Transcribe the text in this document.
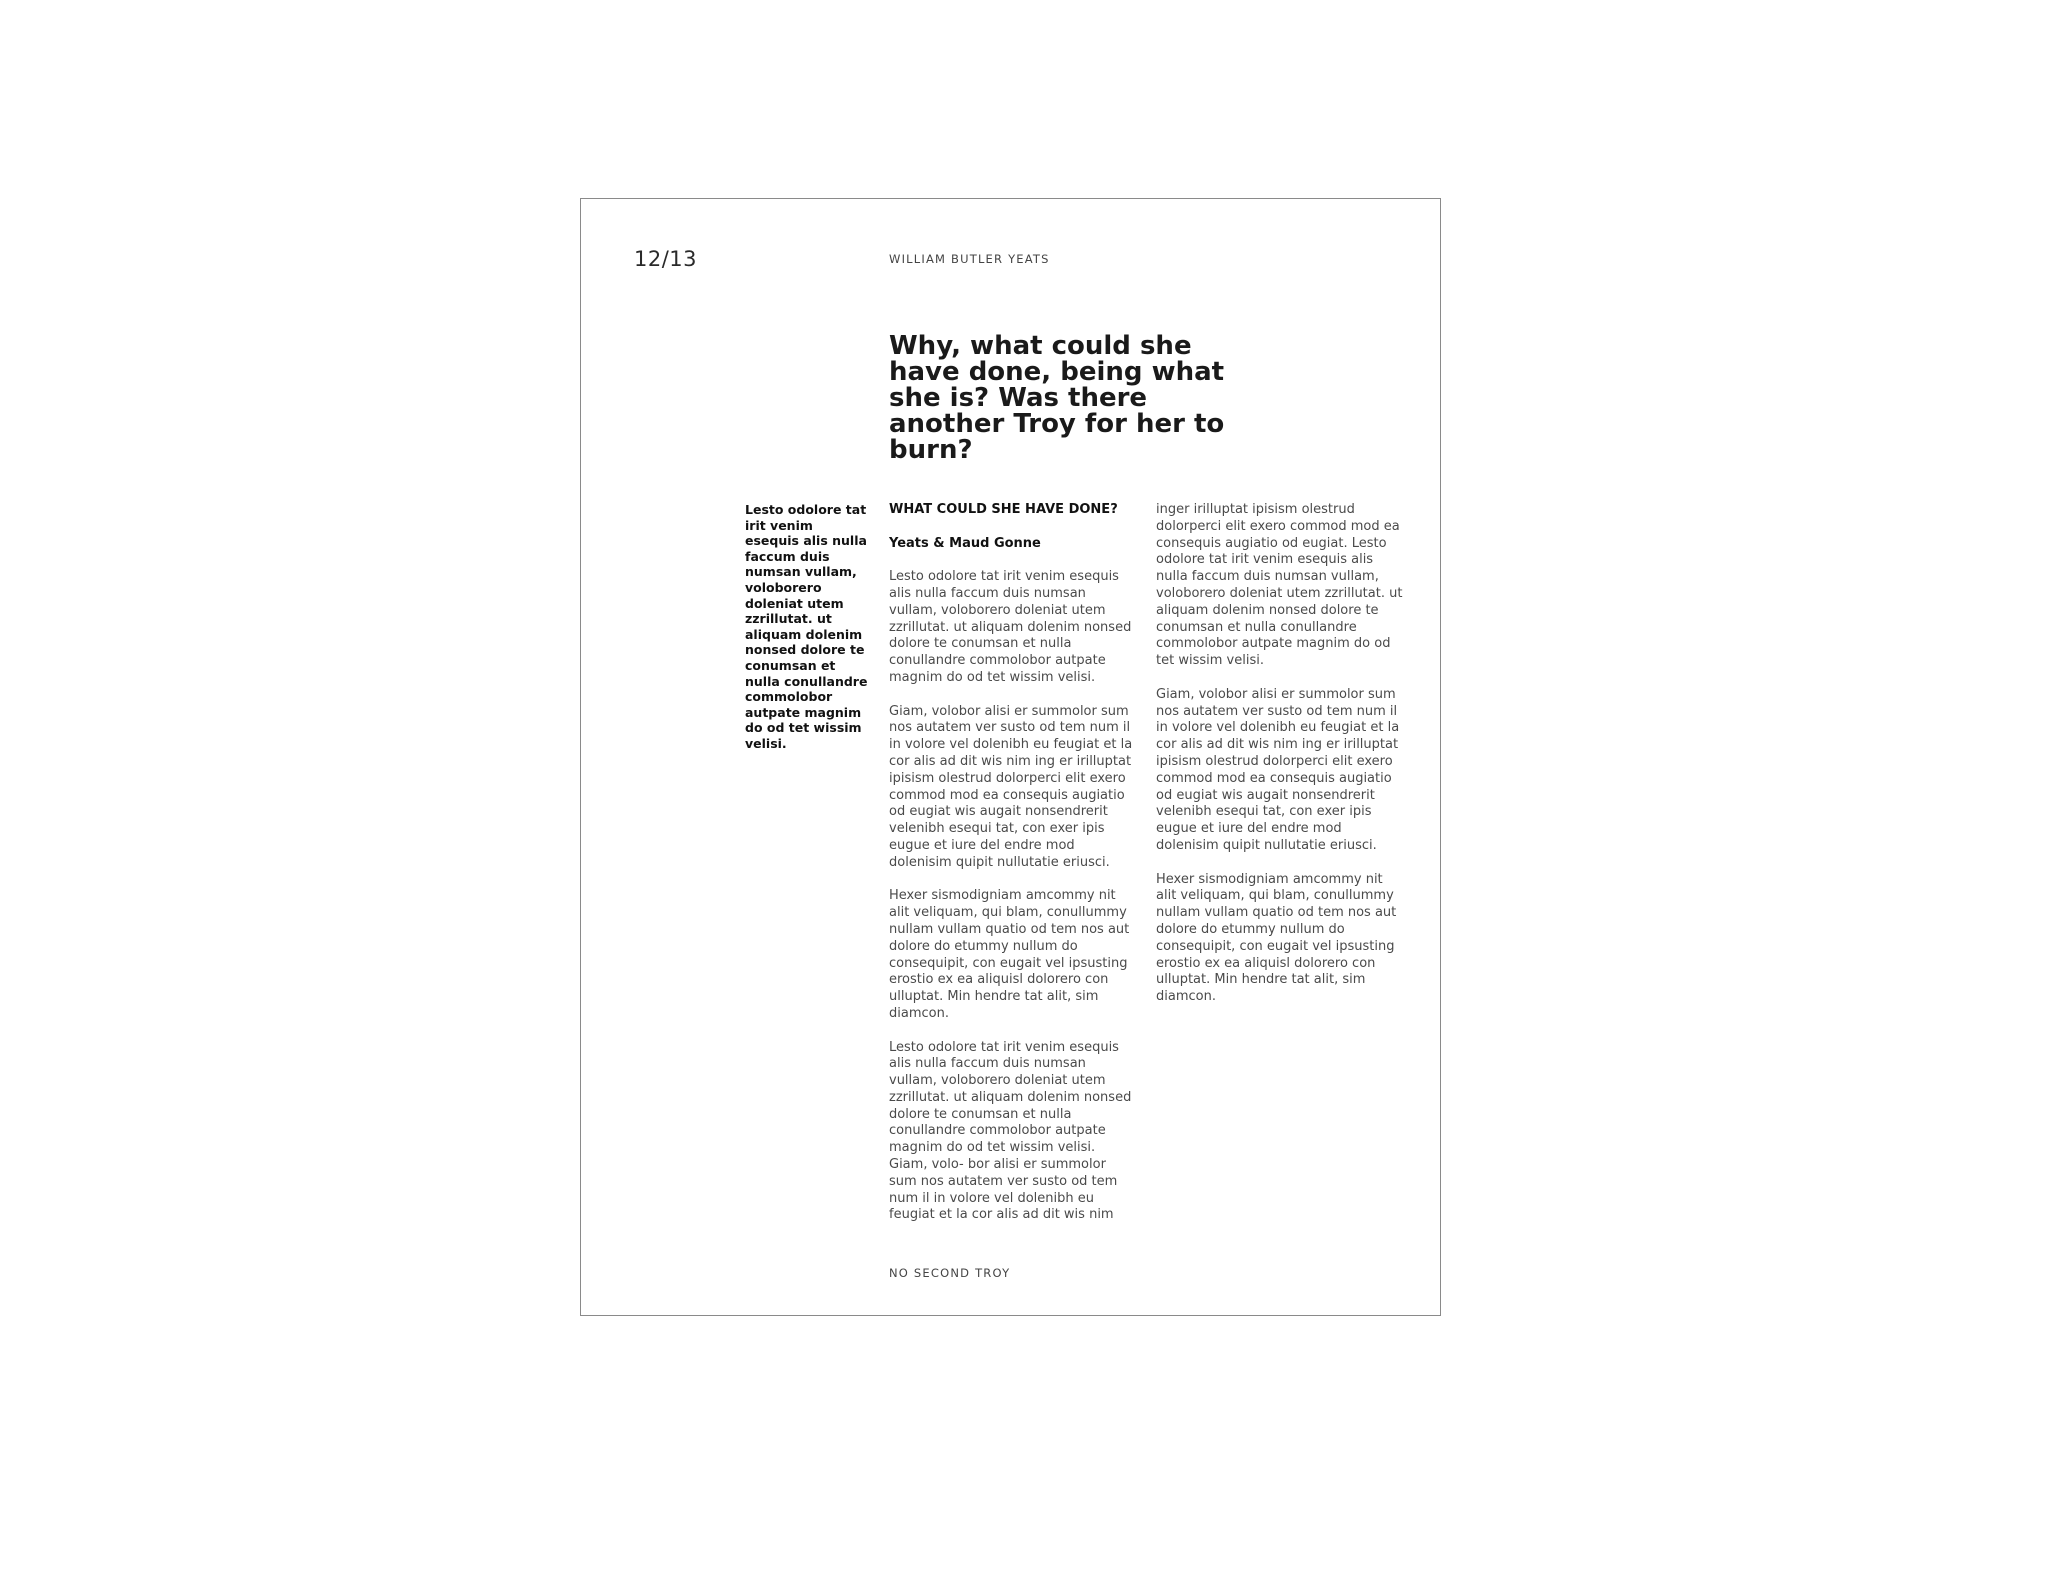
12/13	WILLIAM BUTLER YEATS
Why, what could she have done, being what she is? Was there another Troy for her to burn?

Lesto odolore tat irit venim esequis alis nulla faccum duis numsan vullam, voloborero doleniat utem zzrillutat. ut aliquam dolenim nonsed dolore te conumsan et nulla conullandre commolobor autpate magnim do od tet wissim velisi.

WHAT COULD SHE HAVE DONE?

Yeats & Maud Gonne

Lesto odolore tat irit venim esequis alis nulla faccum duis numsan vullam, voloborero doleniat utem zzrillutat. ut aliquam dolenim nonsed dolore te conumsan et nulla conullandre commolobor autpate magnim do od tet wissim velisi.

Giam, volobor alisi er summolor sum nos autatem ver susto od tem num il in volore vel dolenibh eu feugiat et la cor alis ad dit wis nim ing er irilluptat ipisism olestrud dolorperci elit exero commod mod ea consequis augiatio od eugiat wis augait nonsendrerit velenibh esequi tat, con exer ipis eugue et iure del endre mod dolenisim quipit nullutatie eriusci.

Hexer sismodigniam amcommy nit alit veliquam, qui blam, conullummy nullam vullam quatio od tem nos aut dolore do etummy nullum do consequipit, con eugait vel ipsusting erostio ex ea aliquisl dolorero con ulluptat. Min hendre tat alit, sim diamcon.

Lesto odolore tat irit venim esequis alis nulla faccum duis numsan vullam, voloborero doleniat utem zzrillutat. ut aliquam dolenim nonsed dolore te conumsan et nulla conullandre commolobor autpate magnim do od tet wissim velisi. Giam, volo- bor alisi er summolor sum nos autatem ver susto od tem num il in volore vel dolenibh eu feugiat et la cor alis ad dit wis nim

inger irilluptat ipisism olestrud dolorperci elit exero commod mod ea consequis augiatio od eugiat. Lesto odolore tat irit venim esequis alis nulla faccum duis numsan vullam, voloborero doleniat utem zzrillutat. ut aliquam dolenim nonsed dolore te conumsan et nulla conullandre commolobor autpate magnim do od tet wissim velisi.

Giam, volobor alisi er summolor sum nos autatem ver susto od tem num il in volore vel dolenibh eu feugiat et la cor alis ad dit wis nim ing er irilluptat ipisism olestrud dolorperci elit exero commod mod ea consequis augiatio od eugiat wis augait nonsendrerit velenibh esequi tat, con exer ipis eugue et iure del endre mod dolenisim quipit nullutatie eriusci.

Hexer sismodigniam amcommy nit alit veliquam, qui blam, conullummy nullam vullam quatio od tem nos aut dolore do etummy nullum do consequipit, con eugait vel ipsusting erostio ex ea aliquisl dolorero con ulluptat. Min hendre tat alit, sim diamcon.

NO SECOND TROY
